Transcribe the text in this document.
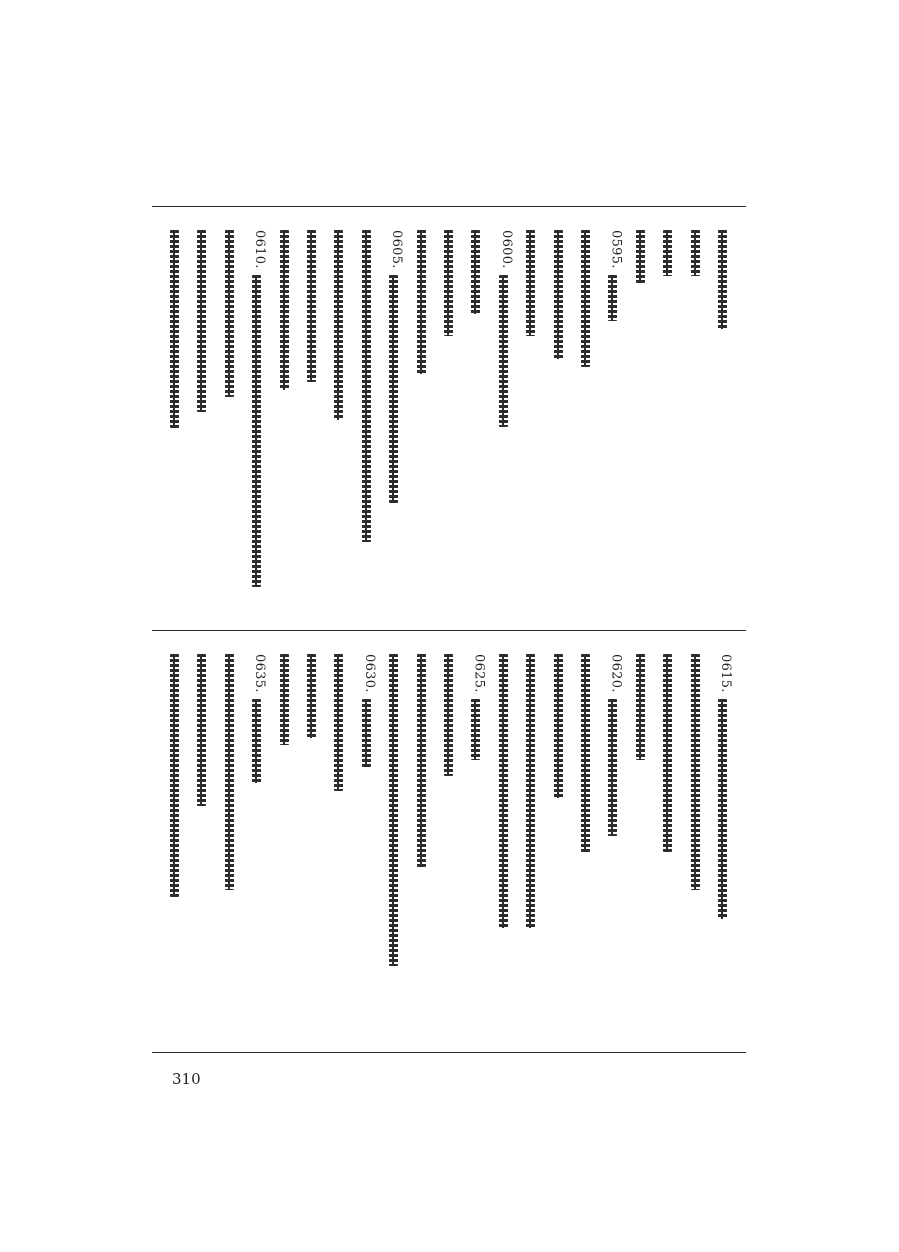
0610.	0605.	0600.	0595.
0635.	0630.	0625.	0620.	0615.
310
